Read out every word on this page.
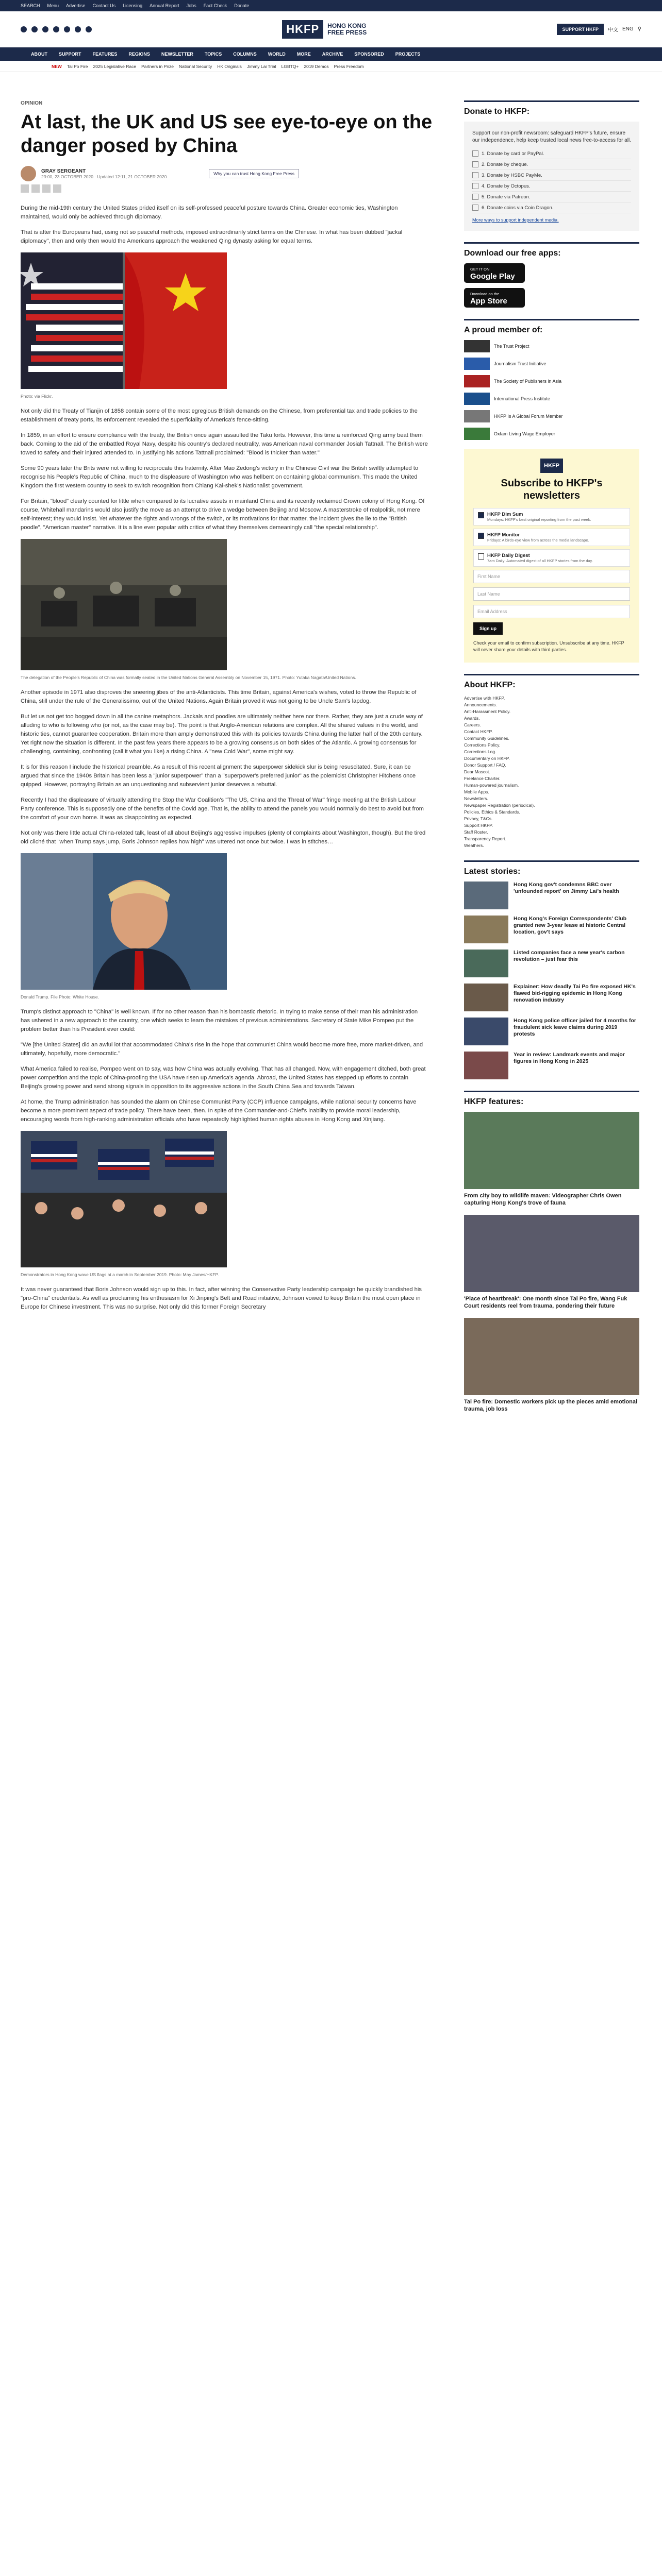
SEARCH Menu Advertise Contact Us Licensing Annual Report Jobs Fact Check Donate
HKFP	HONG KONG
FREE PRESS	SUPPORT HKFP	中文 ENG ⚲
ABOUT SUPPORT FEATURES REGIONS NEWSLETTER TOPICS COLUMNS WORLD MORE ARCHIVE SPONSORED PROJECTS
NEW Tai Po Fire 2025 Legislative Race Partners in Prize National Security HK Originals Jimmy Lai Trial LGBTQ+ 2019 Demos Press Freedom
OPINION
At last, the UK and US see eye-to-eye on the danger posed by China
GRAY SERGEANT
23:00, 23 OCTOBER 2020 · Updated 12:11, 21 OCTOBER 2020
Why you can trust Hong Kong Free Press

During the mid-19th century the United States prided itself on its self-professed peaceful posture towards China. Greater economic ties, Washington maintained, would only be achieved through diplomacy.

That is after the Europeans had, using not so peaceful methods, imposed extraordinarily strict terms on the Chinese. In what has been dubbed "jackal diplomacy", then and only then would the Americans approach the weakened Qing dynasty asking for equal terms.

Photo: via Flickr.

Not only did the Treaty of Tianjin of 1858 contain some of the most egregious British demands on the Chinese, from preferential tax and trade policies to the establishment of treaty ports, its enforcement revealed the superficiality of America's fence-sitting.

In 1859, in an effort to ensure compliance with the treaty, the British once again assaulted the Taku forts. However, this time a reinforced Qing army beat them back. Coming to the aid of the embattled Royal Navy, despite his country's declared neutrality, was American naval commander Josiah Tattnall. The British were towed to safety and their injured attended to. In justifying his actions Tattnall proclaimed: "Blood is thicker than water."

Some 90 years later the Brits were not willing to reciprocate this fraternity. After Mao Zedong's victory in the Chinese Civil war the British swiftly attempted to recognise his People's Republic of China, much to the displeasure of Washington who was hellbent on containing global communism. This made the United Kingdom the first western country to seek to switch recognition from Chiang Kai-shek's Nationalist government.

For Britain, "blood" clearly counted for little when compared to its lucrative assets in mainland China and its recently reclaimed Crown colony of Hong Kong. Of course, Whitehall mandarins would also justify the move as an attempt to drive a wedge between Beijing and Moscow. A masterstroke of realpolitik, not mere self-interest; they would insist. Yet whatever the rights and wrongs of the switch, or its motivations for that matter, the incident gives the lie to the "British poodle", "American master" narrative. It is a line ever popular with critics of what they themselves demeaningly call "the special relationship".

The delegation of the People's Republic of China was formally seated in the United Nations General Assembly on November 15, 1971. Photo: Yutaka Nagata/United Nations.

Another episode in 1971 also disproves the sneering jibes of the anti-Atlanticists. This time Britain, against America's wishes, voted to throw the Republic of China, still under the rule of the Generalissimo, out of the United Nations. Again Britain proved it was not going to be Uncle Sam's lapdog.

But let us not get too bogged down in all the canine metaphors. Jackals and poodles are ultimately neither here nor there. Rather, they are just a crude way of alluding to who is following who (or not, as the case may be). The point is that Anglo-American relations are complex. All the shared values in the world, and historic ties, cannot guarantee cooperation. Britain more than amply demonstrated this with its policies towards China during the latter half of the 20th century. Yet right now the situation is different. In the past few years there appears to be a growing consensus on both sides of the Atlantic. A growing consensus for challenging, containing, confronting (call it what you like) a rising China. A "new Cold War", some might say.

It is for this reason I include the historical preamble. As a result of this recent alignment the superpower sidekick slur is being resuscitated. Sure, it can be argued that since the 1940s Britain has been less a "junior superpower" than a "superpower's preferred junior" as the polemicist Christopher Hitchens once quipped. However, portraying Britain as an unquestioning and subservient junior deserves a rebuttal.

Recently I had the displeasure of virtually attending the Stop the War Coalition's "The US, China and the Threat of War" fringe meeting at the British Labour Party conference. This is supposedly one of the benefits of the Covid age. That is, the ability to attend the panels you would normally do best to avoid but from the comfort of your own home. It was as disappointing as expected.

Not only was there little actual China-related talk, least of all about Beijing's aggressive impulses (plenty of complaints about Washington, though). But the tired old cliché that "when Trump says jump, Boris Johnson replies how high" was uttered not once but twice. I was in stitches…

Donald Trump. File Photo: White House.

Trump's distinct approach to "China" is well known. If for no other reason than his bombastic rhetoric. In trying to make sense of their man his administration has ushered in a new approach to the country, one which seeks to learn the mistakes of previous administrations. Secretary of State Mike Pompeo put the problem better than his President ever could:

"We [the United States] did an awful lot that accommodated China's rise in the hope that communist China would become more free, more market-driven, and ultimately, hopefully, more democratic."

What America failed to realise, Pompeo went on to say, was how China was actually evolving. That has all changed. Now, with engagement ditched, both great power competition and the topic of China-proofing the USA have risen up America's agenda. Abroad, the United States has stepped up efforts to contain Beijing's growing power and send strong signals in opposition to its aggressive actions in the South China Sea and towards Taiwan.

At home, the Trump administration has sounded the alarm on Chinese Communist Party (CCP) influence campaigns, while national security concerns have become a more prominent aspect of trade policy. There have been, then. In spite of the Commander-and-Chief's inability to provide moral leadership, encouraging words from high-ranking administration officials who have repeatedly highlighted human rights abuses in Hong Kong and Xinjiang.

Demonstrators in Hong Kong wave US flags at a march in September 2019. Photo: May James/HKFP.

It was never guaranteed that Boris Johnson would sign up to this. In fact, after winning the Conservative Party leadership campaign he quickly brandished his "pro-China" credentials. As well as proclaiming his enthusiasm for Xi Jinping's Belt and Road initiative, Johnson vowed to keep Britain the most open place in Europe for Chinese investment. This was no surprise. Not only did this former Foreign Secretary

Donate to HKFP:
Support our non-profit newsroom: safeguard HKFP's future, ensure our independence, help keep trusted local news free-to-access for all.
1. Donate by card or PayPal.
2. Donate by cheque.
3. Donate by HSBC PayMe.
4. Donate by Octopus.
5. Donate via Patreon.
6. Donate coins via Coin Dragon.
More ways to support independent media.
Download our free apps:
GET IT ON
Google Play
Download on the
App Store
A proud member of:
The Trust Project
Journalism Trust Initiative
The Society of Publishers in Asia
International Press Institute
HKFP Is A Global Forum Member
Oxfam Living Wage Employer
HKFP
Subscribe to HKFP's newsletters
HKFP Dim Sum
Mondays: HKFP's best original reporting from the past week.
HKFP Monitor
Fridays: A birds-eye view from across the media landscape.
HKFP Daily Digest
7am Daily: Automated digest of all HKFP stories from the day.
First Name
Last Name
Email Address
Sign up
Check your email to confirm subscription. Unsubscribe at any time. HKFP will never share your details with third parties.
About HKFP:
Advertise with HKFP.
Announcements.
Anti-Harassment Policy.
Awards.
Careers.
Contact HKFP.
Community Guidelines.
Corrections Policy.
Corrections Log.
Documentary on HKFP.
Donor Support / FAQ.
Dear Mascot.
Freelance Charter.
Human-powered journalism.
Mobile Apps.
Newsletters.
Newspaper Registration (periodical).
Policies, Ethics & Standards.
Privacy, T&Cs.
Support HKFP.
Staff Roster.
Transparency Report.
Weathers.
Latest stories:
Hong Kong gov't condemns BBC over 'unfounded report' on Jimmy Lai's health
Hong Kong's Foreign Correspondents' Club granted new 3-year lease at historic Central location, gov't says
Listed companies face a new year's carbon revolution – just fear this
Explainer: How deadly Tai Po fire exposed HK's flawed bid-rigging epidemic in Hong Kong renovation industry
Hong Kong police officer jailed for 4 months for fraudulent sick leave claims during 2019 protests
Year in review: Landmark events and major figures in Hong Kong in 2025
HKFP features:
From city boy to wildlife maven: Videographer Chris Owen capturing Hong Kong's trove of fauna
'Place of heartbreak': One month since Tai Po fire, Wang Fuk Court residents reel from trauma, pondering their future
Tai Po fire: Domestic workers pick up the pieces amid emotional trauma, job loss
